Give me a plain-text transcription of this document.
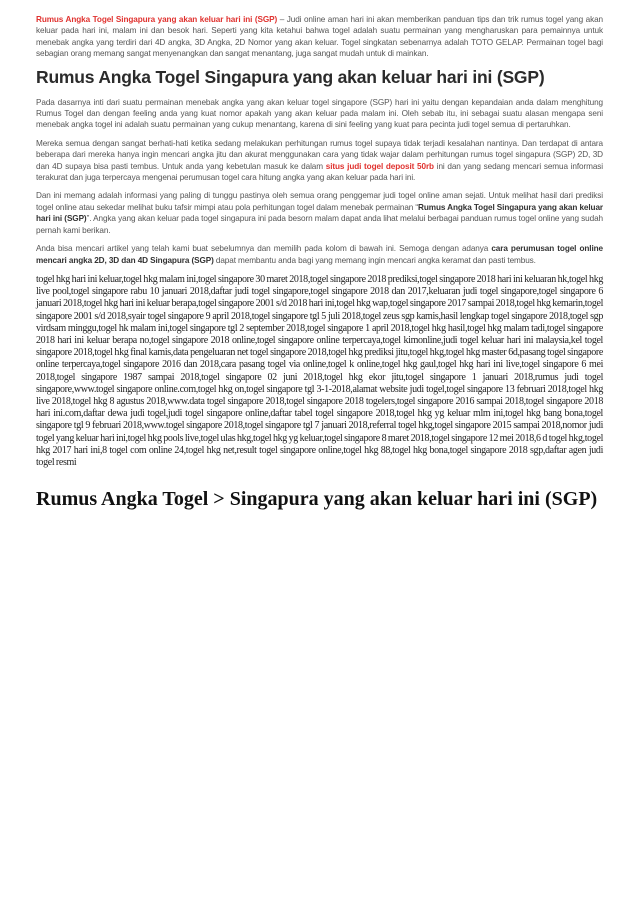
Rumus Angka Togel Singapura yang akan keluar hari ini (SGP) – Judi online aman hari ini akan memberikan panduan tips dan trik rumus togel yang akan keluar pada hari ini, malam ini dan besok hari. Seperti yang kita ketahui bahwa togel adalah suatu permainan yang mengharuskan para pemainnya untuk menebak angka yang terdiri dari 4D angka, 3D Angka, 2D Nomor yang akan keluar. Togel singkatan sebenarnya adalah TOTO GELAP. Permainan togel bagi sebagian orang memang sangat menyenangkan dan sangat menantang, juga sangat mudah untuk di mainkan.

Rumus Angka Togel Singapura yang akan keluar hari ini (SGP)

Pada dasarnya inti dari suatu permainan menebak angka yang akan keluar togel singapore (SGP) hari ini yaitu dengan kepandaian anda dalam menghitung Rumus Togel dan dengan feeling anda yang kuat nomor apakah yang akan keluar pada malam ini. Oleh sebab itu, ini sebagai suatu alasan mengapa seni menebak angka togel ini adalah suatu permainan yang cukup menantang, karena di sini feeling yang kuat para pecinta judi togel semua di pertaruhkan.

Mereka semua dengan sangat berhati-hati ketika sedang melakukan perhitungan rumus togel supaya tidak terjadi kesalahan nantinya. Dan terdapat di antara beberapa dari mereka hanya ingin mencari angka jitu dan akurat menggunakan cara yang tidak wajar dalam perhitungan rumus togel singapura (SGP) 2D, 3D dan 4D supaya bisa pasti tembus. Untuk anda yang kebetulan masuk ke dalam situs judi togel deposit 50rb ini dan yang sedang mencari semua informasi terakurat dan juga terpercaya mengenai perumusan togel cara hitung angka yang akan keluar pada hari ini.

Dan ini memang adalah informasi yang paling di tunggu pastinya oleh semua orang penggemar judi togel online aman sejati. Untuk melihat hasil dari prediksi togel online atau sekedar melihat buku tafsir mimpi atau pola perhitungan togel dalam menebak permainan “Rumus Angka Togel Singapura yang akan keluar hari ini (SGP)”. Angka yang akan keluar pada togel singapura ini pada besorn malam dapat anda lihat melalui berbagai panduan rumus togel online yang sudah pernah kami berikan.

Anda bisa mencari artikel yang telah kami buat sebelumnya dan memilih pada kolom di bawah ini. Semoga dengan adanya cara perumusan togel online mencari angka 2D, 3D dan 4D Singapura (SGP) dapat membantu anda bagi yang memang ingin mencari angka keramat dan pasti tembus.

togel hkg hari ini keluar,togel hkg malam ini,togel singapore 30 maret 2018,togel singapore 2018 prediksi,togel singapore 2018 hari ini keluaran hk,togel hkg live pool,togel singapore rabu 10 januari 2018,daftar judi togel singapore,togel singapore 2018 dan 2017,keluaran judi togel singapore,togel singapore 6 januari 2018,togel hkg hari ini keluar berapa,togel singapore 2001 s/d 2018 hari ini,togel hkg wap,togel singapore 2017 sampai 2018,togel hkg kemarin,togel singapore 2001 s/d 2018,syair togel singapore 9 april 2018,togel singapore tgl 5 juli 2018,togel zeus sgp kamis,hasil lengkap togel singapore 2018,togel sgp virdsam minggu,togel hk malam ini,togel singapore tgl 2 september 2018,togel singapore 1 april 2018,togel hkg hasil,togel hkg malam tadi,togel singapore 2018 hari ini keluar berapa no,togel singapore 2018 online,togel singapore online terpercaya,togel kimonline,judi togel keluar hari ini malaysia,kel togel singapore 2018,togel hkg final kamis,data pengeluaran net togel singapore 2018,togel hkg prediksi jitu,togel hkg,togel hkg master 6d,pasang togel singapore online terpercaya,togel singapore 2016 dan 2018,cara pasang togel via online,togel k online,togel hkg gaul,togel hkg hari ini live,togel singapore 6 mei 2018,togel singapore 1987 sampai 2018,togel singapore 02 juni 2018,togel hkg ekor jitu,togel singapore 1 januari 2018,rumus judi togel singapore,www.togel singapore online.com,togel hkg on,togel singapore tgl 3-1-2018,alamat website judi togel,togel singapore 13 februari 2018,togel hkg live 2018,togel hkg 8 agustus 2018,www.data togel singapore 2018,togel singapore 2018 togelers,togel singapore 2016 sampai 2018,togel singapore 2018 hari ini.com,daftar dewa judi togel,judi togel singapore online,daftar tabel togel singapore 2018,togel hkg yg keluar mlm ini,togel hkg bang bona,togel singapore tgl 9 februari 2018,www.togel singapore 2018,togel singapore tgl 7 januari 2018,referral togel hkg,togel singapore 2015 sampai 2018,nomor judi togel yang keluar hari ini,togel hkg pools live,togel ulas hkg,togel hkg yg keluar,togel singapore 8 maret 2018,togel singapore 12 mei 2018,6 d togel hkg,togel hkg 2017 hari ini,8 togel com online 24,togel hkg net,result togel singapore online,togel hkg 88,togel hkg bona,togel singapore 2018 sgp,daftar agen judi togel resmi

Rumus Angka Togel > Singapura yang akan keluar hari ini (SGP)
